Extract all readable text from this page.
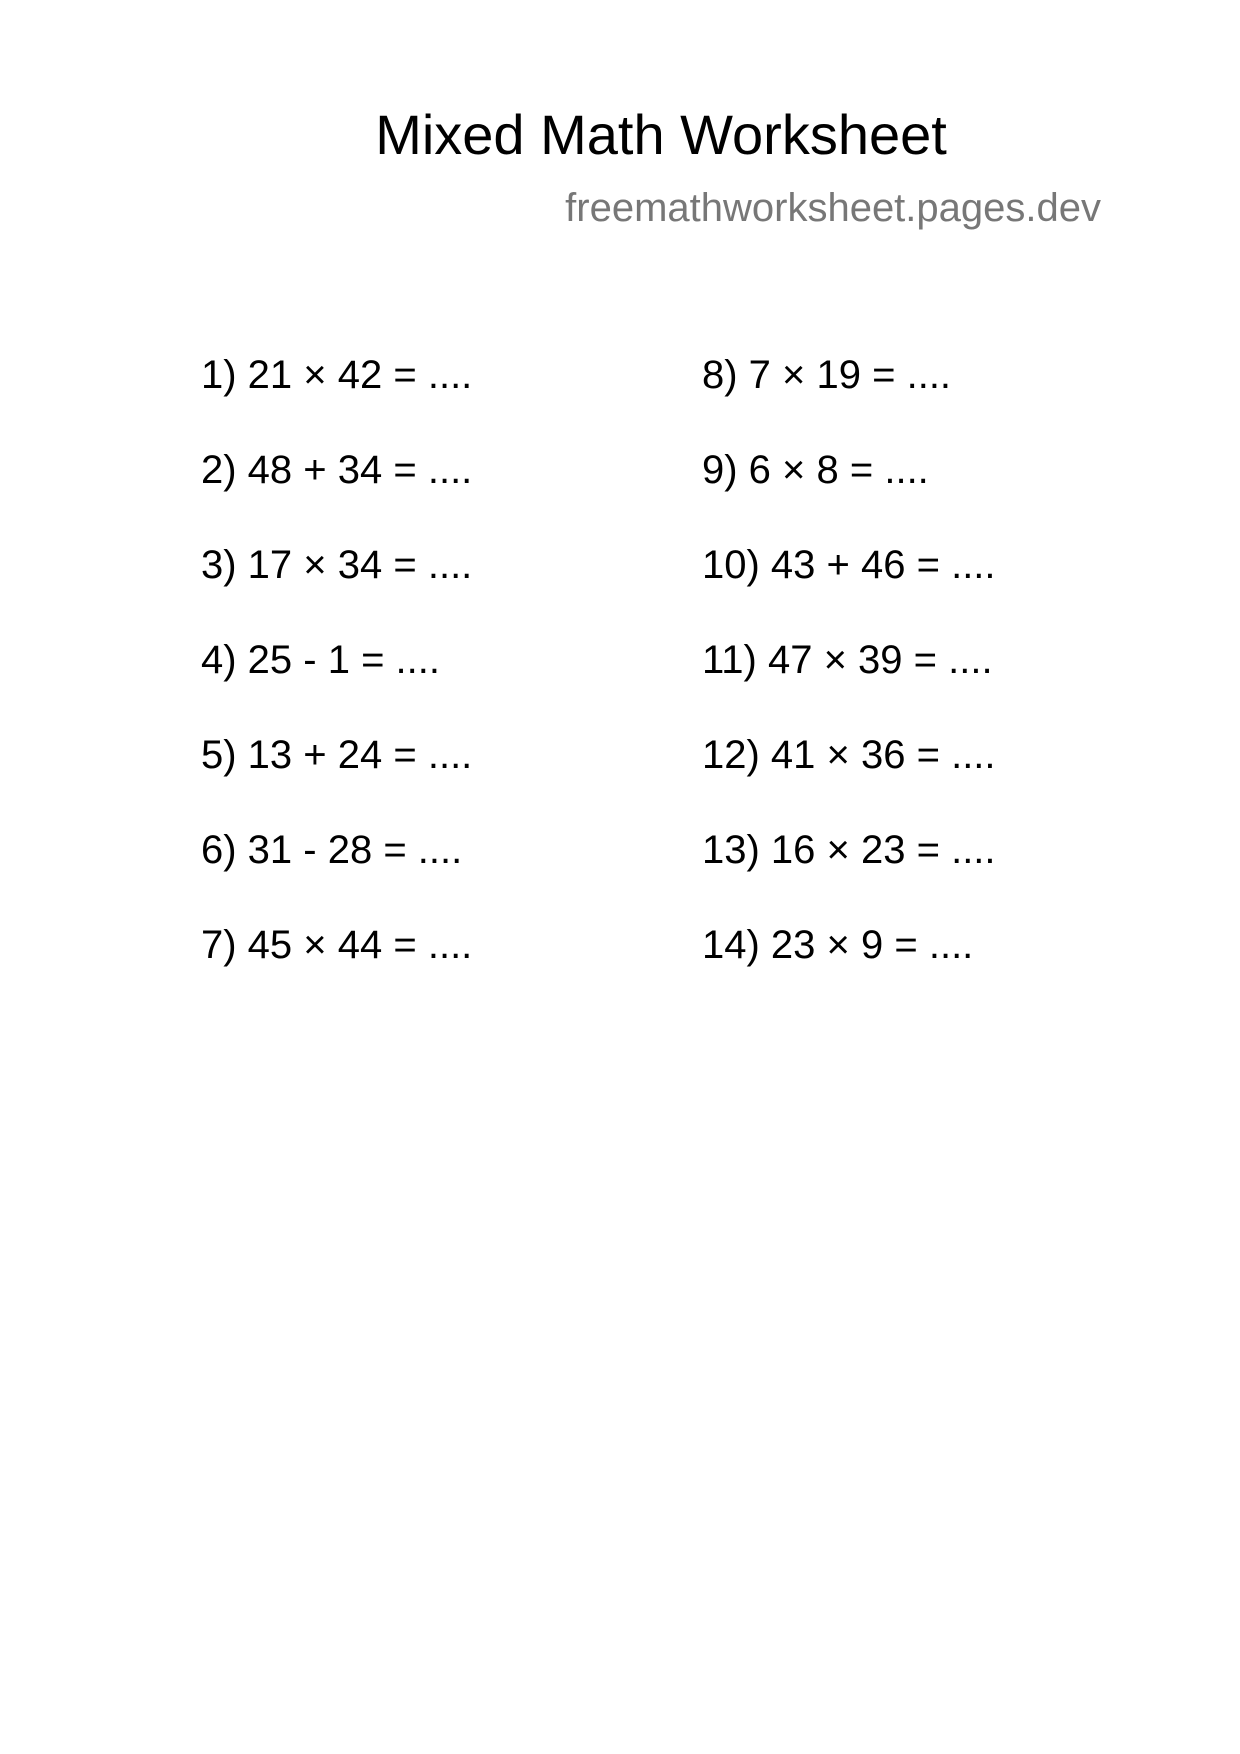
Mixed Math Worksheet
freemathworksheet.pages.dev
1) 21 × 42 = ....
2) 48 + 34 = ....
3) 17 × 34 = ....
4) 25 - 1 = ....
5) 13 + 24 = ....
6) 31 - 28 = ....
7) 45 × 44 = ....
8) 7 × 19 = ....
9) 6 × 8 = ....
10) 43 + 46 = ....
11) 47 × 39 = ....
12) 41 × 36 = ....
13) 16 × 23 = ....
14) 23 × 9 = ....
